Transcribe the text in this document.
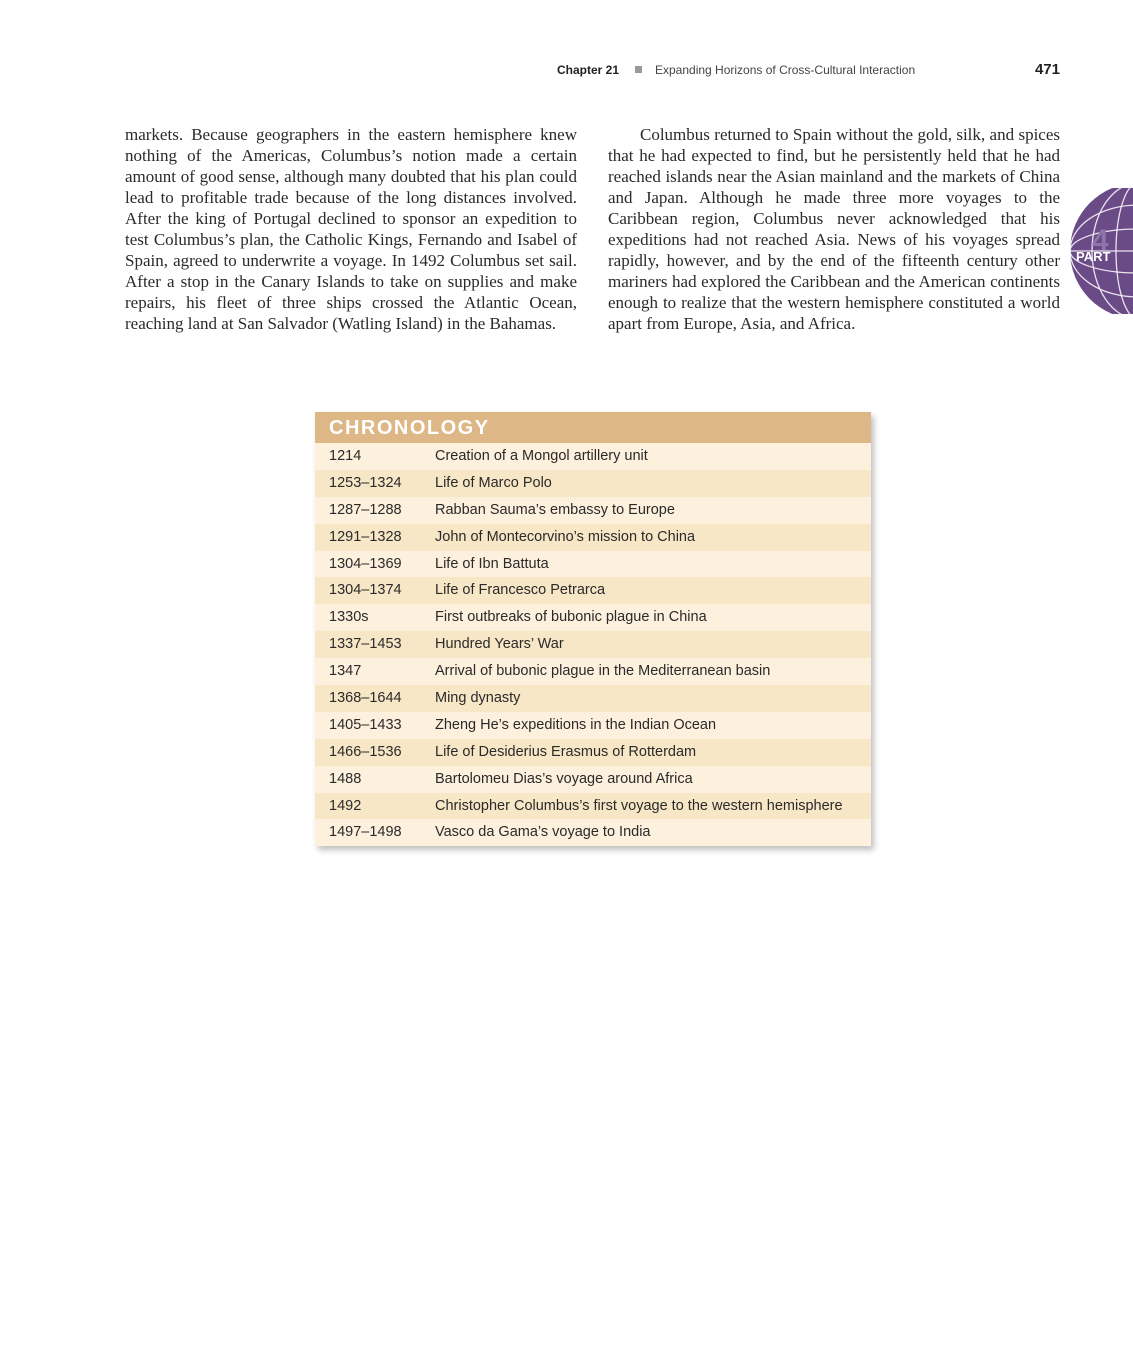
Chapter 21	Expanding Horizons of Cross-Cultural Interaction	471

markets. Because geographers in the eastern hemisphere knew nothing of the Americas, Columbus’s notion made a certain amount of good sense, although many doubted that his plan could lead to profitable trade because of the long distances involved. After the king of Portugal declined to sponsor an expedition to test Columbus’s plan, the Catholic Kings, Fernando and Isabel of Spain, agreed to underwrite a voyage. In 1492 Columbus set sail. After a stop in the Canary Islands to take on supplies and make repairs, his fleet of three ships crossed the Atlantic Ocean, reaching land at San Salvador (Watling Island) in the Bahamas.

Columbus returned to Spain without the gold, silk, and spices that he had expected to find, but he persistently held that he had reached islands near the Asian mainland and the markets of China and Japan. Although he made three more voyages to the Caribbean region, Columbus never acknowledged that his expeditions had not reached Asia. News of his voyages spread rapidly, however, and by the end of the fifteenth century other mariners had explored the Caribbean and the American continents enough to realize that the western hemisphere constituted a world apart from Europe, Asia, and Africa.

4
PART
CHRONOLOGY
1214	Creation of a Mongol artillery unit
1253–1324 Life of Marco Polo
1287–1288 Rabban Sauma’s embassy to Europe
1291–1328 John of Montecorvino’s mission to China
1304–1369 Life of Ibn Battuta
1304–1374 Life of Francesco Petrarca
1330s	First outbreaks of bubonic plague in China
1337–1453 Hundred Years’ War
1347	Arrival of bubonic plague in the Mediterranean basin
1368–1644 Ming dynasty
1405–1433 Zheng He’s expeditions in the Indian Ocean
1466–1536 Life of Desiderius Erasmus of Rotterdam
1488	Bartolomeu Dias’s voyage around Africa
1492	Christopher Columbus’s first voyage to the western hemisphere
1497–1498 Vasco da Gama’s voyage to India
